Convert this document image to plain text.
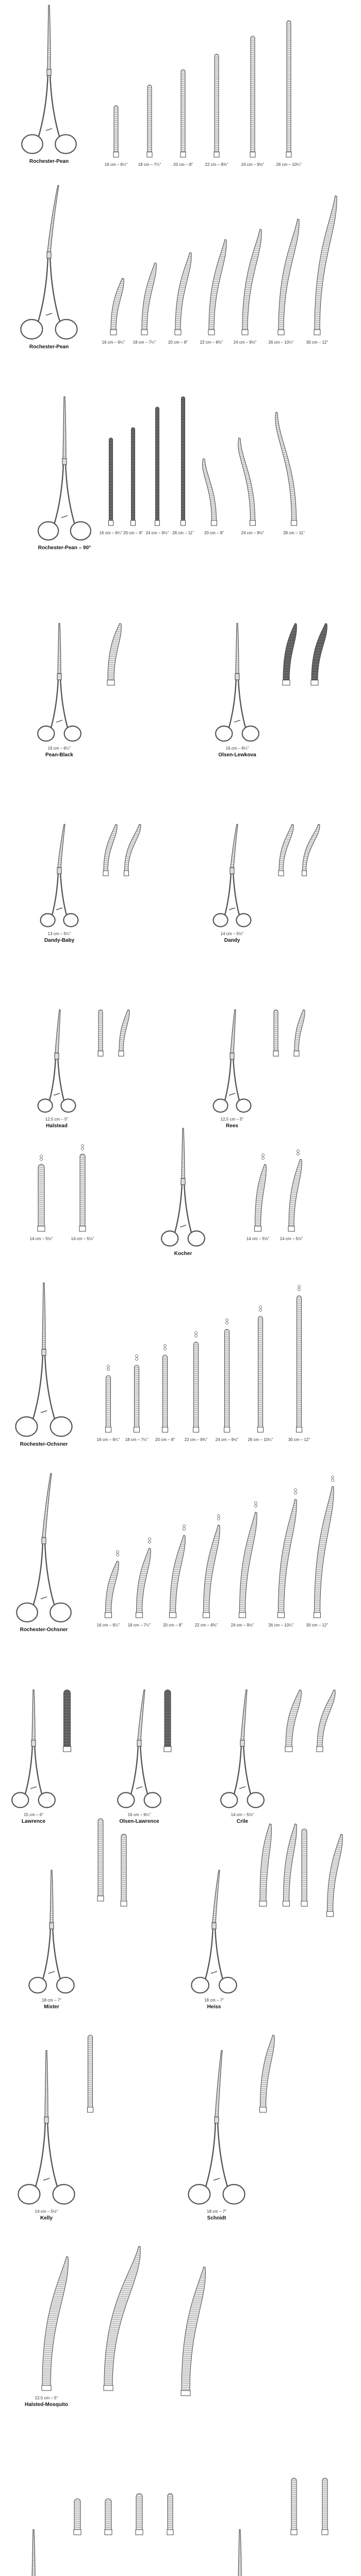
Rochester-Pean
16 cm – 6¼"	18 cm – 7¼"	20 cm – 8"	22 cm – 8¾"	24 cm – 9½"	26 cm – 10¼"
Rochester-Pean
16 cm – 6¼" 18 cm – 7¼"	20 cm – 8"	22 cm – 8¾"	24 cm – 9½"	26 cm – 10¼"	30 cm – 12"
Rochester-Pean – 90°
16 cm – 6¼" 20 cm – 8" 24 cm – 9½" 28 cm – 11"	20 cm – 8"	24 cm – 9½"	28 cm – 11"
16 cm – 6¼"
Pean-Black
16 cm – 6¼"
Olsen-Lewkova
13 cm – 5¼"
Dandy-Baby
14 cm – 5½"
Dandy
12,5 cm – 5"
Halstead
12,5 cm – 5"
Rees
Kocher
14 cm – 5½"	14 cm – 5½"	14 cm – 5½"	14 cm – 5½"
Rochester-Ochsner
16 cm – 6¼" 18 cm – 7¼" 20 cm – 8" 22 cm – 8¾" 24 cm – 9½" 26 cm – 10¼"	30 cm – 12"
Rochester-Ochsner
16 cm – 6¼" 18 cm – 7¼"	20 cm – 8"	22 cm – 8¾"	24 cm – 9½"	26 cm – 10¼"	30 cm – 12"
15 cm – 6"
Lawrence
16 cm – 6¼"
Olsen-Lawrence
14 cm – 5½"
Crile
18 cm – 7"
Mixter
18 cm – 7"
Heiss
14 cm – 5½"
Kelly
18 cm – 7"
Schnidt
12,5 cm – 5"
Halsted-Mosquito
